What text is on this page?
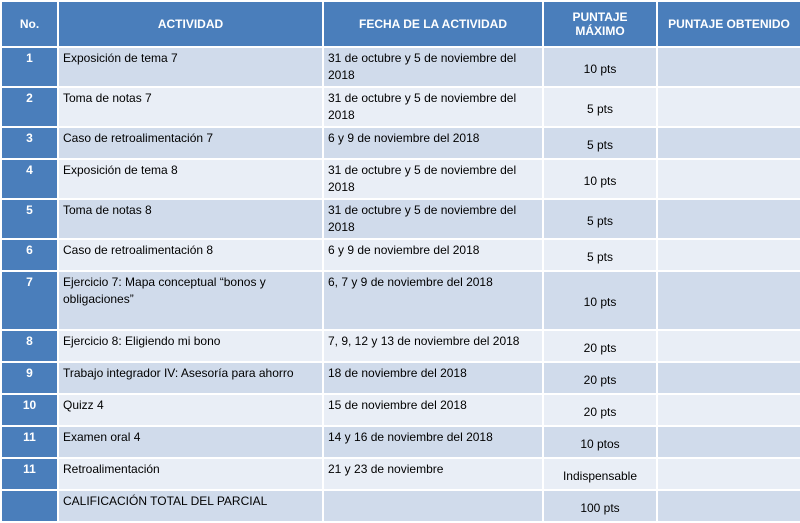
No.	ACTIVIDAD	FECHA DE LA ACTIVIDAD	PUNTAJE MÁXIMO	PUNTAJE OBTENIDO
1	Exposición de tema 7	31 de octubre y 5 de noviembre del 2018	10 pts	
2	Toma de notas 7	31 de octubre y 5 de noviembre del 2018	5 pts	
3	Caso de retroalimentación 7	6 y 9 de noviembre del 2018	5 pts	
4	Exposición de tema 8	31 de octubre y 5 de noviembre del 2018	10 pts	
5	Toma de notas 8	31 de octubre y 5 de noviembre del 2018	5 pts	
6	Caso de retroalimentación 8	6 y 9 de noviembre del 2018	5 pts	
7	Ejercicio 7: Mapa conceptual “bonos y obligaciones”	6, 7 y 9 de noviembre del 2018	10 pts	
8	Ejercicio 8: Eligiendo mi bono	7, 9, 12 y 13 de noviembre del 2018	20 pts	
9	Trabajo integrador IV: Asesoría para ahorro	18 de noviembre del 2018	20 pts	
10	Quizz 4	15 de noviembre del 2018	20 pts	
11	Examen oral 4	14 y 16 de noviembre del 2018	10 ptos	
11	Retroalimentación	21 y 23 de noviembre	Indispensable	
	CALIFICACIÓN TOTAL DEL PARCIAL		100 pts	
